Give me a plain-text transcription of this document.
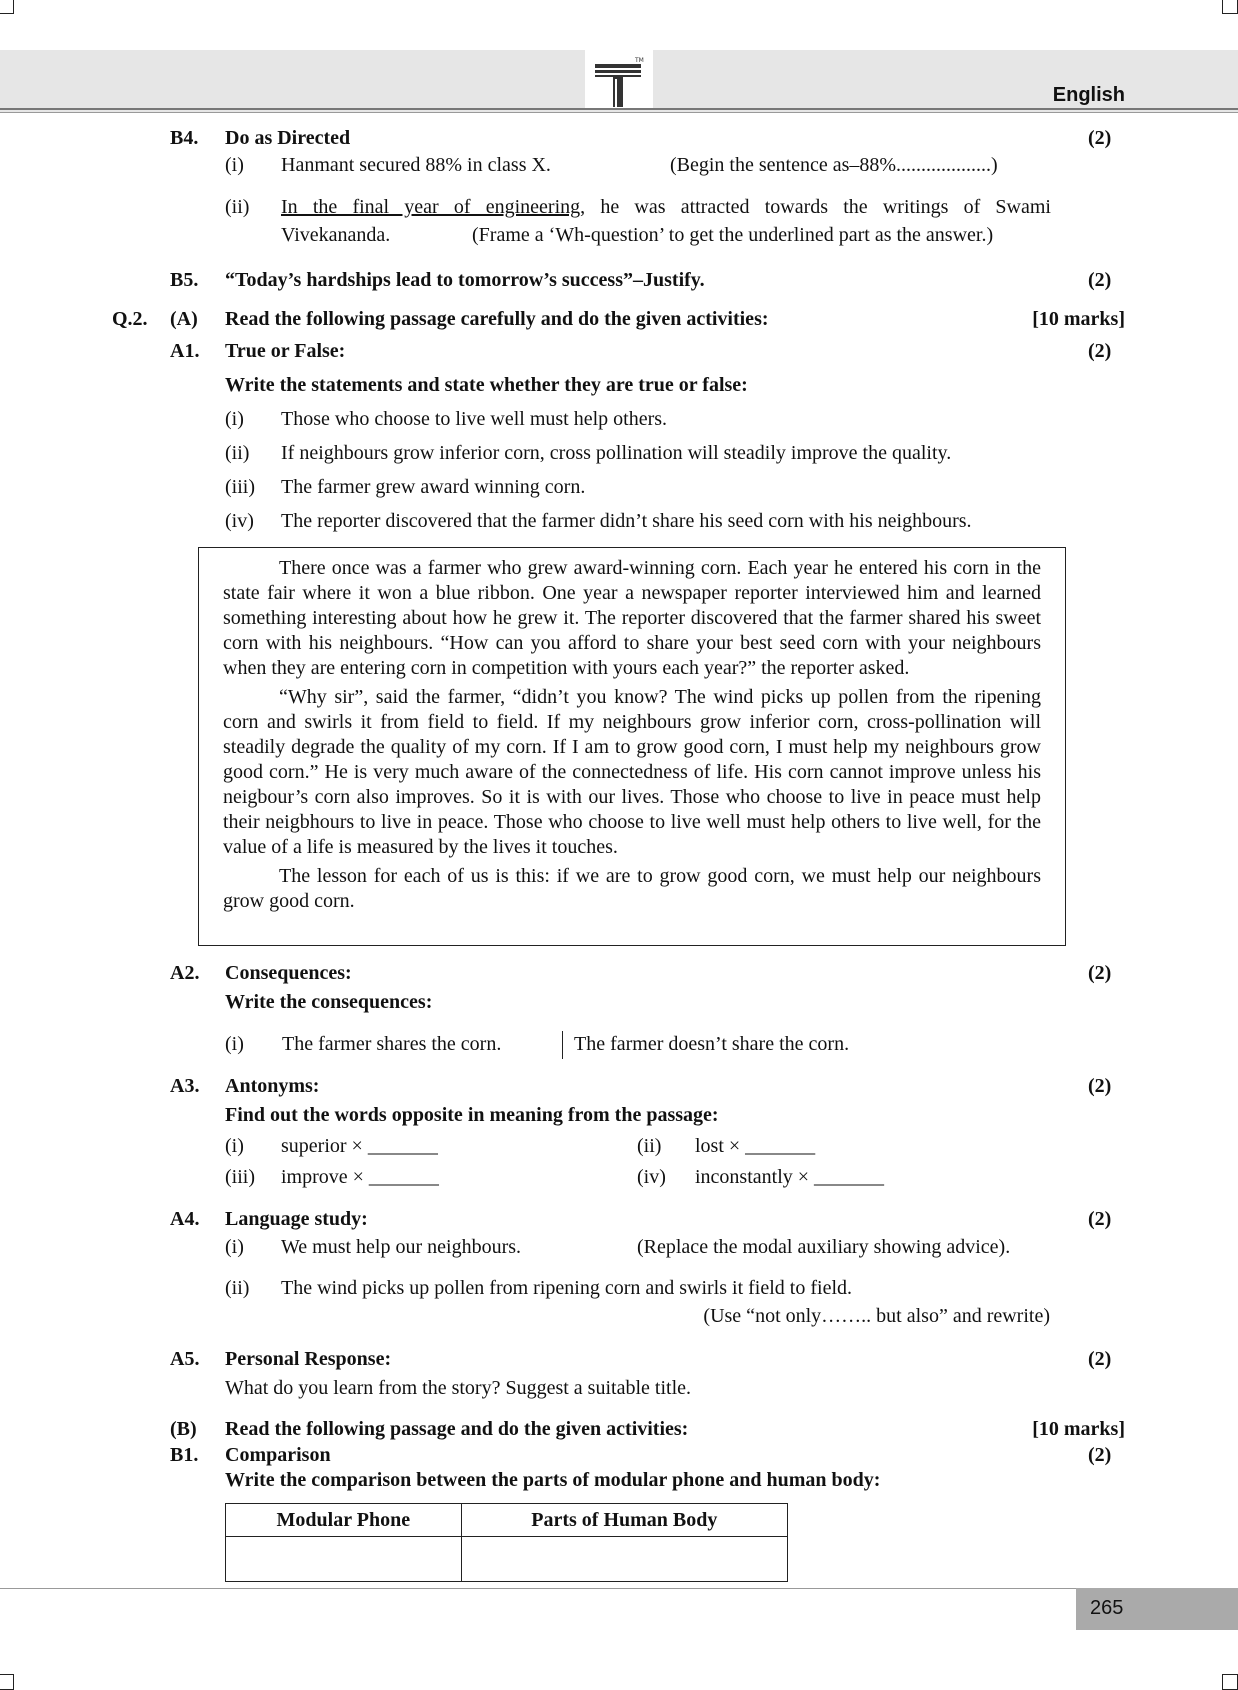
TM
English
B4. Do as Directed	(2)
(i) Hanmant secured 88% in class X.	(Begin the sentence as–88%...................)
(ii) In the final year of engineering, he was attracted towards the writings of Swami
Vivekananda.	(Frame a ‘Wh-question’ to get the underlined part as the answer.)
B5. “Today’s hardships lead to tomorrow’s success”–Justify.	(2)
Q.2. (A) Read the following passage carefully and do the given activities:	[10 marks]
A1. True or False:	(2)
Write the statements and state whether they are true or false:
(i) Those who choose to live well must help others.
(ii) If neighbours grow inferior corn, cross pollination will steadily improve the quality.
(iii) The farmer grew award winning corn.
(iv) The reporter discovered that the farmer didn’t share his seed corn with his neighbours.

There once was a farmer who grew award-winning corn. Each year he entered his corn in the state fair where it won a blue ribbon. One year a newspaper reporter interviewed him and learned something interesting about how he grew it. The reporter discovered that the farmer shared his sweet corn with his neighbours. “How can you afford to share your best seed corn with your neighbours when they are entering corn in competition with yours each year?” the reporter asked.

“Why sir”, said the farmer, “didn’t you know? The wind picks up pollen from the ripening corn and swirls it from field to field. If my neighbours grow inferior corn, cross-pollination will steadily degrade the quality of my corn. If I am to grow good corn, I must help my neighbours grow good corn.” He is very much aware of the connectedness of life. His corn cannot improve unless his neigbour’s corn also improves. So it is with our lives. Those who choose to live in peace must help their neigbhours to live in peace. Those who choose to live well must help others to live well, for the value of a life is measured by the lives it touches.

The lesson for each of us is this: if we are to grow good corn, we must help our neighbours grow good corn.

A2. Consequences:	(2)
Write the consequences:
(i) The farmer shares the corn.	The farmer doesn’t share the corn.
A3. Antonyms:	(2)
Find out the words opposite in meaning from the passage:
(i) superior × _______	(ii) lost × _______
(iii) improve × _______	(iv) inconstantly × _______
A4. Language study:	(2)
(i) We must help our neighbours.	(Replace the modal auxiliary showing advice).
(ii) The wind picks up pollen from ripening corn and swirls it field to field.
(Use “not only…….. but also” and rewrite)
A5. Personal Response:	(2)
What do you learn from the story? Suggest a suitable title.
(B) Read the following passage and do the given activities:	[10 marks]
B1. Comparison	(2)
Write the comparison between the parts of modular phone and human body:
Modular Phone	Parts of Human Body

265
